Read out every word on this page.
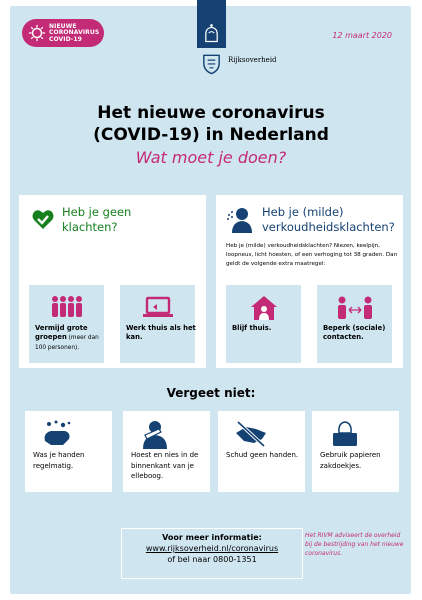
NIEUWE
CORONAVIRUS
COVID-19	12 maart 2020
Rijksoverheid
Het nieuwe coronavirus
(COVID-19) in Nederland
Wat moet je doen?
Heb je geen
klachten?
Vermijd grote groepen (meer dan 100 personen).
Werk thuis als het kan.
Heb je (milde)
verkoudheidsklachten?
Heb je (milde) verkoudheidsklachten? Niezen, keelpijn, loopneus, licht hoesten, of een verhoging tot 38 graden. Dan geldt de volgende extra maatregel:
Blijf thuis.	Beperk (sociale) contacten.
Vergeet niet:
Was je handen regelmatig.
Hoest en nies in de binnenkant van je elleboog.
Schud geen handen.	Gebruik papieren zakdoekjes.
Voor meer informatie:
www.rijksoverheid.nl/coronavirus
of bel naar 0800-1351
Het RIVM adviseert de overheid bij de bestrijding van het nieuwe coronavirus.
